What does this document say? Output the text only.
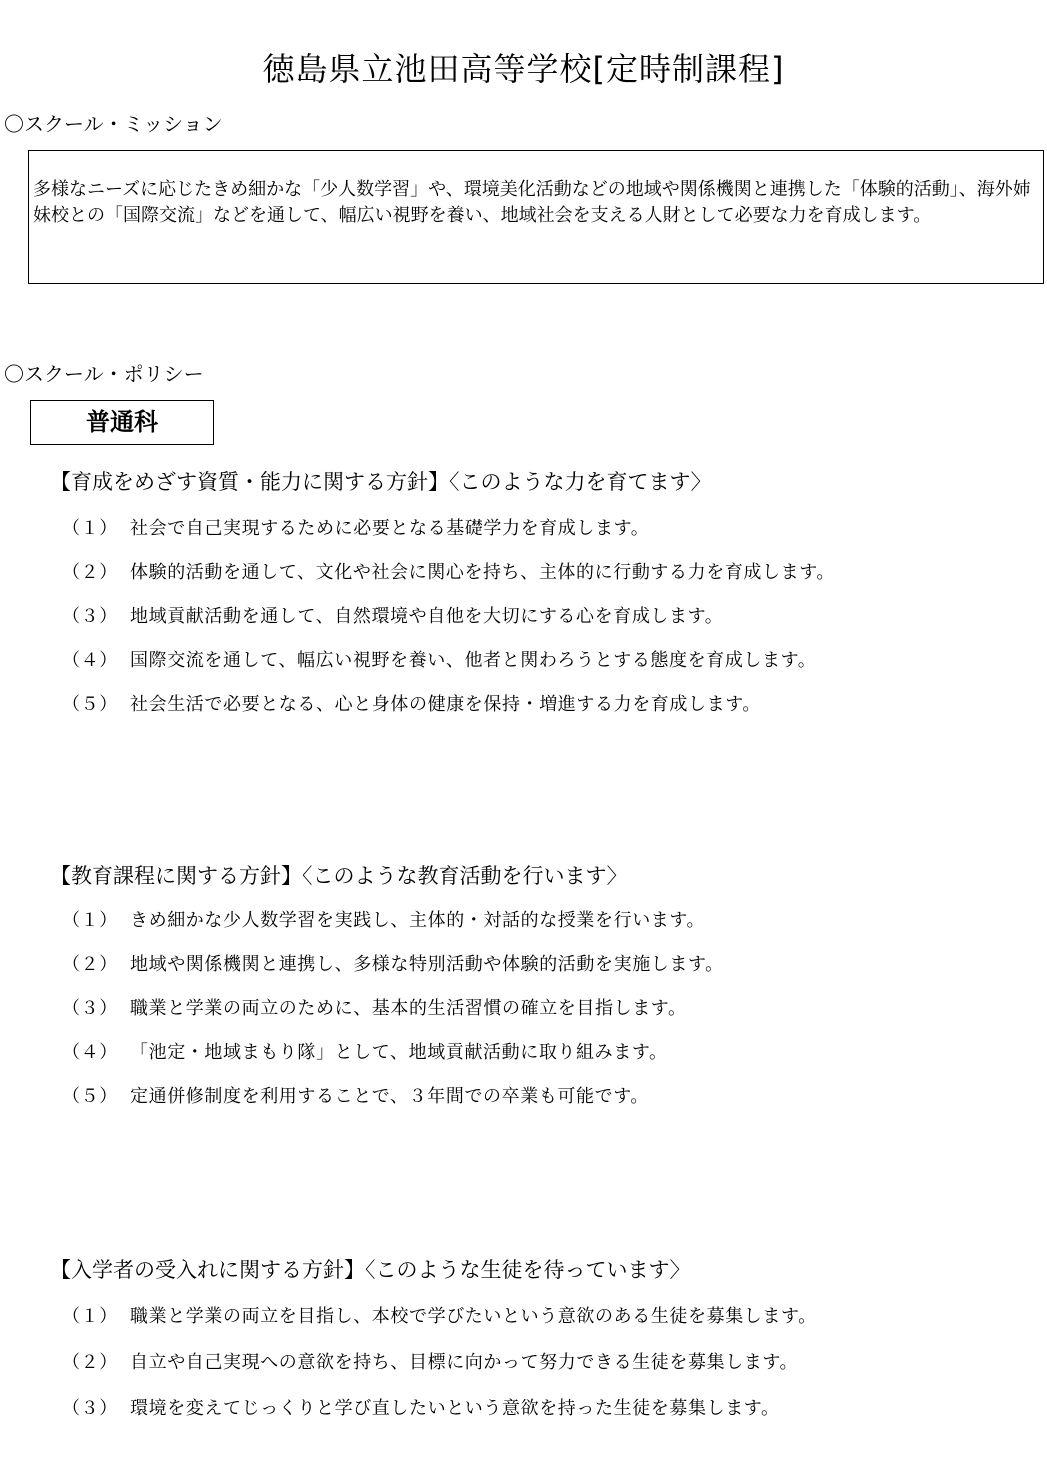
徳島県立池田高等学校[定時制課程]
〇スクール・ミッション
多様なニーズに応じたきめ細かな「少人数学習」や、環境美化活動などの地域や関係機関と連携した「体験的活動」、海外姉妹校との「国際交流」などを通して、幅広い視野を養い、地域社会を支える人財として必要な力を育成します。
〇スクール・ポリシー
普通科
【育成をめざす資質・能力に関する方針】〈このような力を育てます〉
（１） 社会で自己実現するために必要となる基礎学力を育成します。
（２） 体験的活動を通して、文化や社会に関心を持ち、主体的に行動する力を育成します。
（３） 地域貢献活動を通して、自然環境や自他を大切にする心を育成します。
（４） 国際交流を通して、幅広い視野を養い、他者と関わろうとする態度を育成します。
（５） 社会生活で必要となる、心と身体の健康を保持・増進する力を育成します。
【教育課程に関する方針】〈このような教育活動を行います〉
（１） きめ細かな少人数学習を実践し、主体的・対話的な授業を行います。
（２） 地域や関係機関と連携し、多様な特別活動や体験的活動を実施します。
（３） 職業と学業の両立のために、基本的生活習慣の確立を目指します。
（４） 「池定・地域まもり隊」として、地域貢献活動に取り組みます。
（５） 定通併修制度を利用することで、３年間での卒業も可能です。
【入学者の受入れに関する方針】〈このような生徒を待っています〉
（１） 職業と学業の両立を目指し、本校で学びたいという意欲のある生徒を募集します。
（２） 自立や自己実現への意欲を持ち、目標に向かって努力できる生徒を募集します。
（３） 環境を変えてじっくりと学び直したいという意欲を持った生徒を募集します。
